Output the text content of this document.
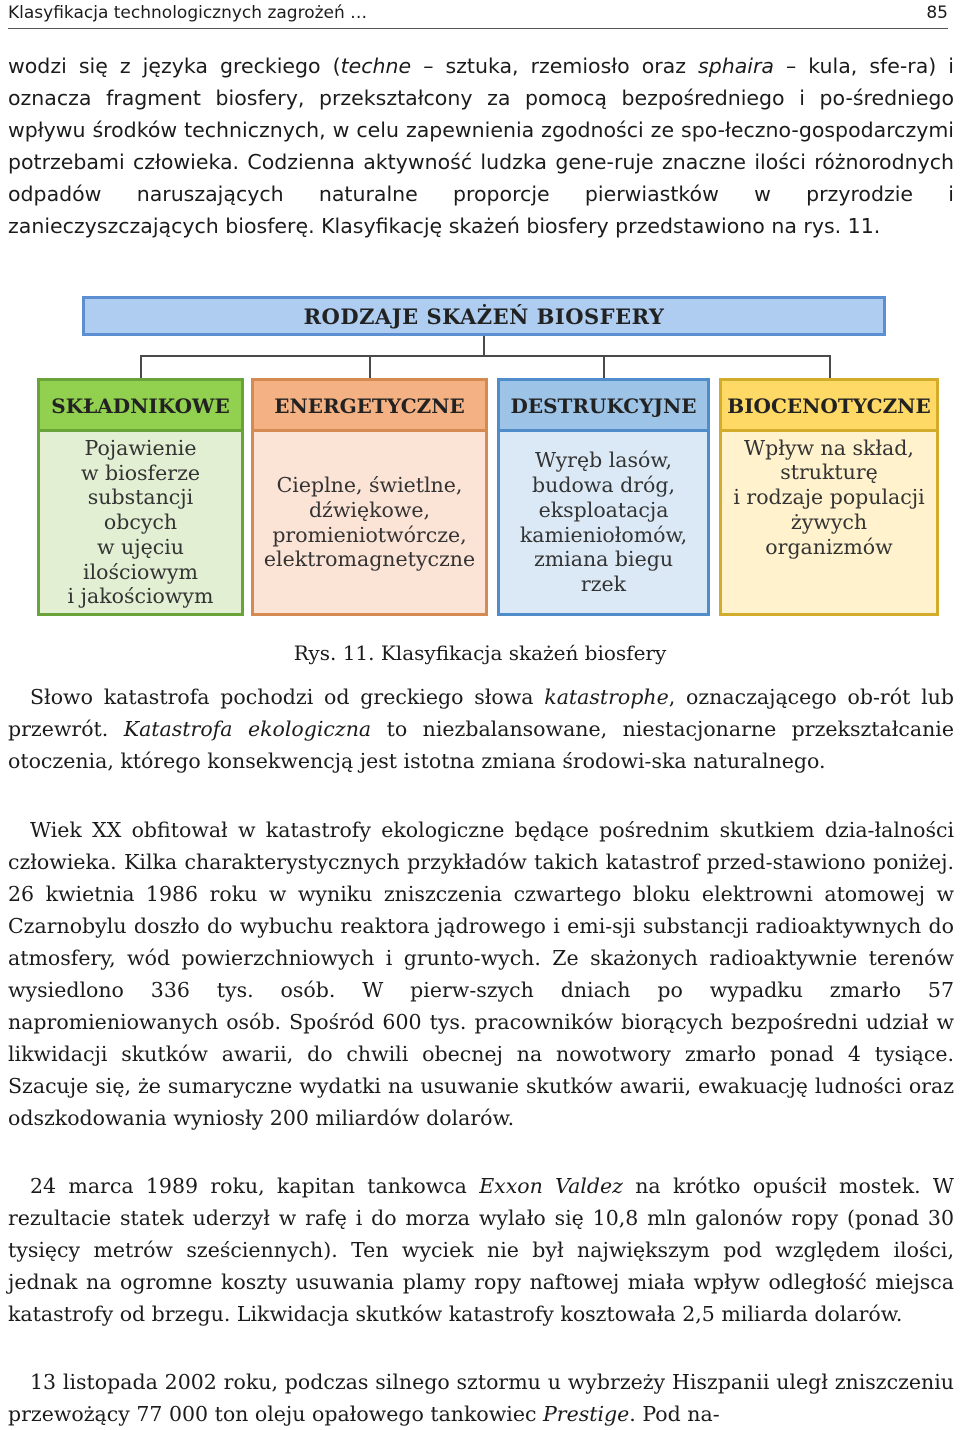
Klasyfikacja technologicznych zagrożeń …	85

wodzi się z języka greckiego (techne – sztuka, rzemiosło oraz sphaira – kula, sfe-ra) i oznacza fragment biosfery, przekształcony za pomocą bezpośredniego i po-średniego wpływu środków technicznych, w celu zapewnienia zgodności ze spo-łeczno-gospodarczymi potrzebami człowieka. Codzienna aktywność ludzka gene-ruje znaczne ilości różnorodnych odpadów naruszających naturalne proporcje pierwiastków w przyrodzie i zanieczyszczających biosferę. Klasyfikację skażeń biosfery przedstawiono na rys. 11.

RODZAJE SKAŻEŃ BIOSFERY
SKŁADNIKOWE
Pojawienie
w biosferze
substancji
obcych
w ujęciu
ilościowym
i jakościowym
ENERGETYCZNE
Cieplne, świetlne,
dźwiękowe,
promieniotwórcze,
elektromagnetyczne
DESTRUKCYJNE
Wyręb lasów,
budowa dróg,
eksploatacja
kamieniołomów,
zmiana biegu
rzek
BIOCENOTYCZNE
Wpływ na skład,
strukturę
i rodzaje populacji
żywych
organizmów
Rys. 11. Klasyfikacja skażeń biosfery

Słowo katastrofa pochodzi od greckiego słowa katastrophe, oznaczającego ob-rót lub przewrót. Katastrofa ekologiczna to niezbalansowane, niestacjonarne przekształcanie otoczenia, którego konsekwencją jest istotna zmiana środowi-ska naturalnego.

Wiek XX obfitował w katastrofy ekologiczne będące pośrednim skutkiem dzia-łalności człowieka. Kilka charakterystycznych przykładów takich katastrof przed-stawiono poniżej. 26 kwietnia 1986 roku w wyniku zniszczenia czwartego bloku elektrowni atomowej w Czarnobylu doszło do wybuchu reaktora jądrowego i emi-sji substancji radioaktywnych do atmosfery, wód powierzchniowych i grunto-wych. Ze skażonych radioaktywnie terenów wysiedlono 336 tys. osób. W pierw-szych dniach po wypadku zmarło 57 napromieniowanych osób. Spośród 600 tys. pracowników biorących bezpośredni udział w likwidacji skutków awarii, do chwili obecnej na nowotwory zmarło ponad 4 tysiące. Szacuje się, że sumaryczne wydatki na usuwanie skutków awarii, ewakuację ludności oraz odszkodowania wyniosły 200 miliardów dolarów.

24 marca 1989 roku, kapitan tankowca Exxon Valdez na krótko opuścił mostek. W rezultacie statek uderzył w rafę i do morza wylało się 10,8 mln galonów ropy (ponad 30 tysięcy metrów sześciennych). Ten wyciek nie był największym pod względem ilości, jednak na ogromne koszty usuwania plamy ropy naftowej miała wpływ odległość miejsca katastrofy od brzegu. Likwidacja skutków katastrofy kosztowała 2,5 miliarda dolarów.

13 listopada 2002 roku, podczas silnego sztormu u wybrzeży Hiszpanii uległ zniszczeniu przewożący 77 000 ton oleju opałowego tankowiec Prestige. Pod na-
